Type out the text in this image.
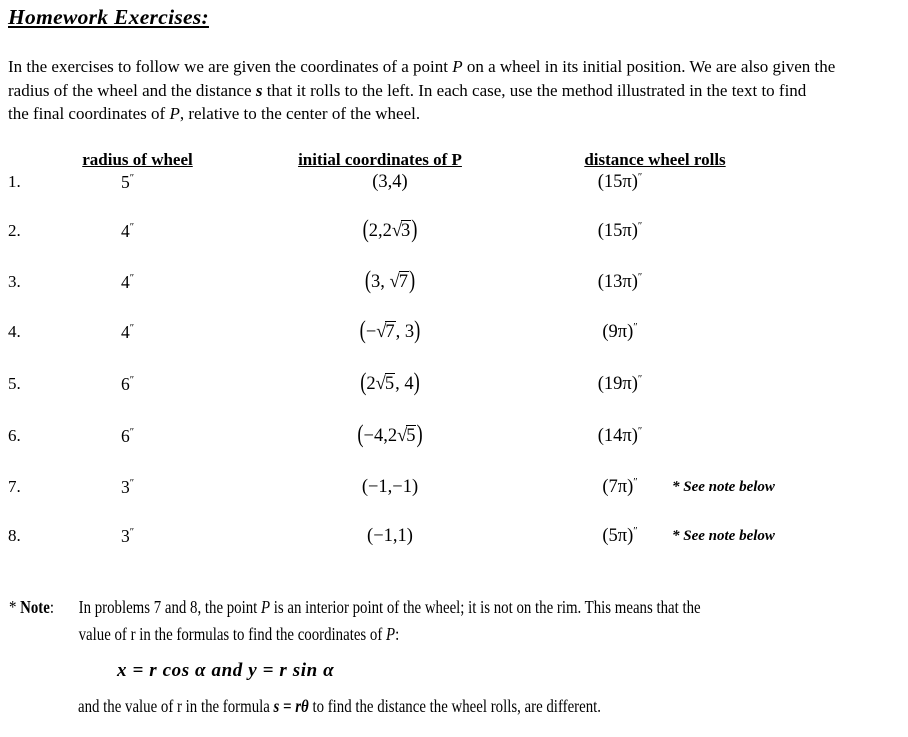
Homework Exercises:
In the exercises to follow we are given the coordinates of a point P on a wheel in its initial position. We are also given the
radius of the wheel and the distance s that it rolls to the left. In each case, use the method illustrated in the text to find
the final coordinates of P, relative to the center of the wheel.
radius of wheel	initial coordinates of P	distance wheel rolls
1.	5″	(3,4)	(15π)″
2.	4″	(2,2√3)	(15π)″
3.	4″	(3, √7)	(13π)″
4.	4″	(−√7, 3)	(9π)″
5.	6″	(2√5, 4)	(19π)″
6.	6″	(−4,2√5)	(14π)″
7.	3″	(−1,−1)	(7π)″	* See note below
8.	3″	(−1,1)	(5π)″	* See note below
* Note:	In problems 7 and 8, the point P is an interior point of the wheel; it is not on the rim. This means that the
value of r in the formulas to find the coordinates of P:
x = r cos α and y = r sin α
and the value of r in the formula s = rθ to find the distance the wheel rolls, are different.
